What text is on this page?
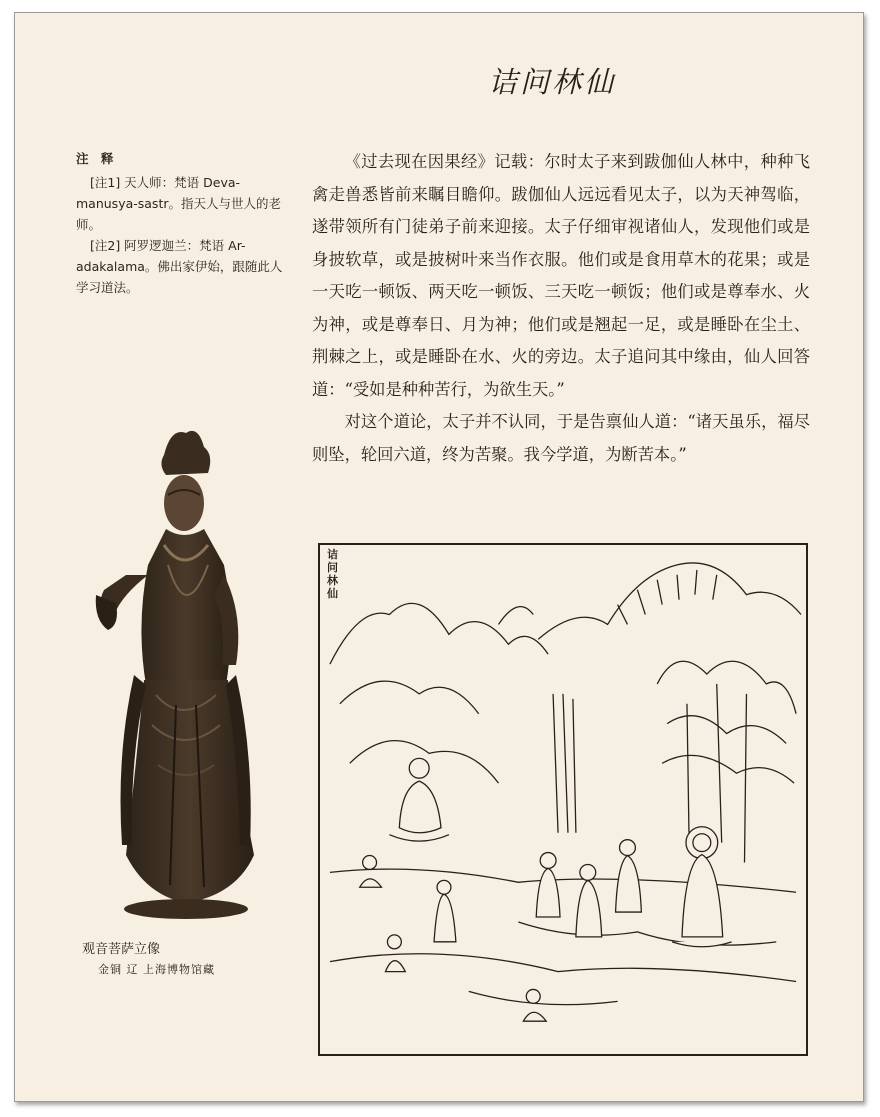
诘问林仙
注 释
[注1] 天人师：梵语 Deva-manusya-sastr。指天人与世人的老师。
[注2] 阿罗逻迦兰：梵语 Ar-adakalama。佛出家伊始，跟随此人学习道法。

《过去现在因果经》记载：尔时太子来到跋伽仙人林中，种种飞禽走兽悉皆前来瞩目瞻仰。跋伽仙人远远看见太子，以为天神驾临，遂带领所有门徒弟子前来迎接。太子仔细审视诸仙人，发现他们或是身披软草，或是披树叶来当作衣服。他们或是食用草木的花果；或是一天吃一顿饭、两天吃一顿饭、三天吃一顿饭；他们或是尊奉水、火为神，或是尊奉日、月为神；他们或是翘起一足，或是睡卧在尘土、荆棘之上，或是睡卧在水、火的旁边。太子追问其中缘由，仙人回答道：“受如是种种苦行，为欲生天。”

对这个道论，太子并不认同，于是告禀仙人道：“诸天虽乐，福尽则坠，轮回六道，终为苦聚。我今学道，为断苦本。”

观音菩萨立像
金铜 辽 上海博物馆藏
诘问林仙
